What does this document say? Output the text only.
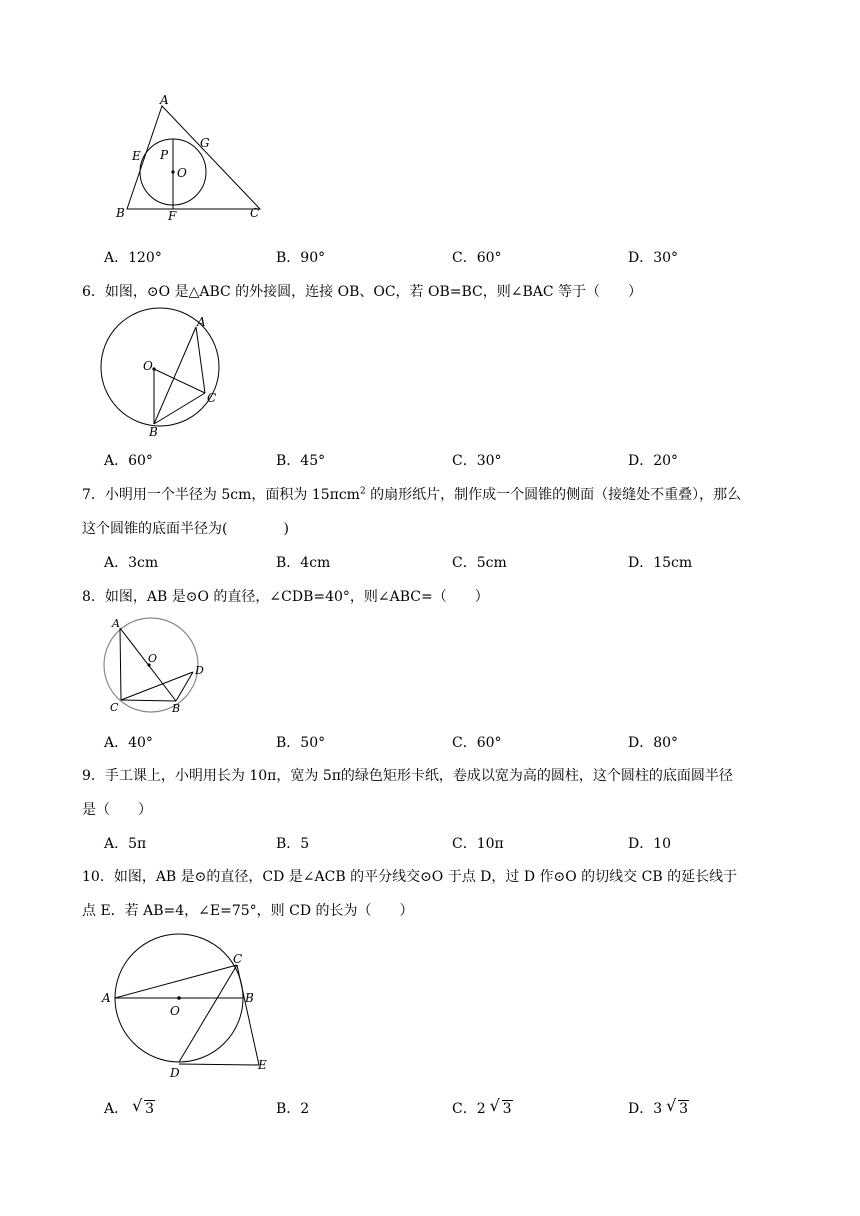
A
E P
G
O
B	F	C
A．120°	B．90°	C．60°	D．30°
6．如图，⊙O 是△ABC 的外接圆，连接 OB、OC，若 OB=BC，则∠BAC 等于（　　）
O
A
C
B
A．60°	B．45°	C．30°	D．20°
7．小明用一个半径为 5cm，面积为 15πcm$^2$ 的扇形纸片，制作成一个圆锥的侧面（接缝处不重叠），那么
这个圆锥的底面半径为(　　　　)
A．3cm	B．4cm	C．5cm	D．15cm
8．如图，AB 是⊙O 的直径，∠CDB=40°，则∠ABC=（　　）
A
O
D
C	B
A．40°	B．50°	C．60°	D．80°
9．手工课上，小明用长为 10π，宽为 5π的绿色矩形卡纸，卷成以宽为高的圆柱，这个圆柱的底面圆半径
是（　　）
A．5π	B．5	C．10π	D．10
10．如图，AB 是⊙的直径，CD 是∠ACB 的平分线交⊙O 于点 D，过 D 作⊙O 的切线交 CB 的延长线于
点 E．若 AB=4，∠E=75°，则 CD 的长为（　　）
C
A
O
B
D
E
A． √ 3	B．2	C．2 √ 3	D．3 √ 3
